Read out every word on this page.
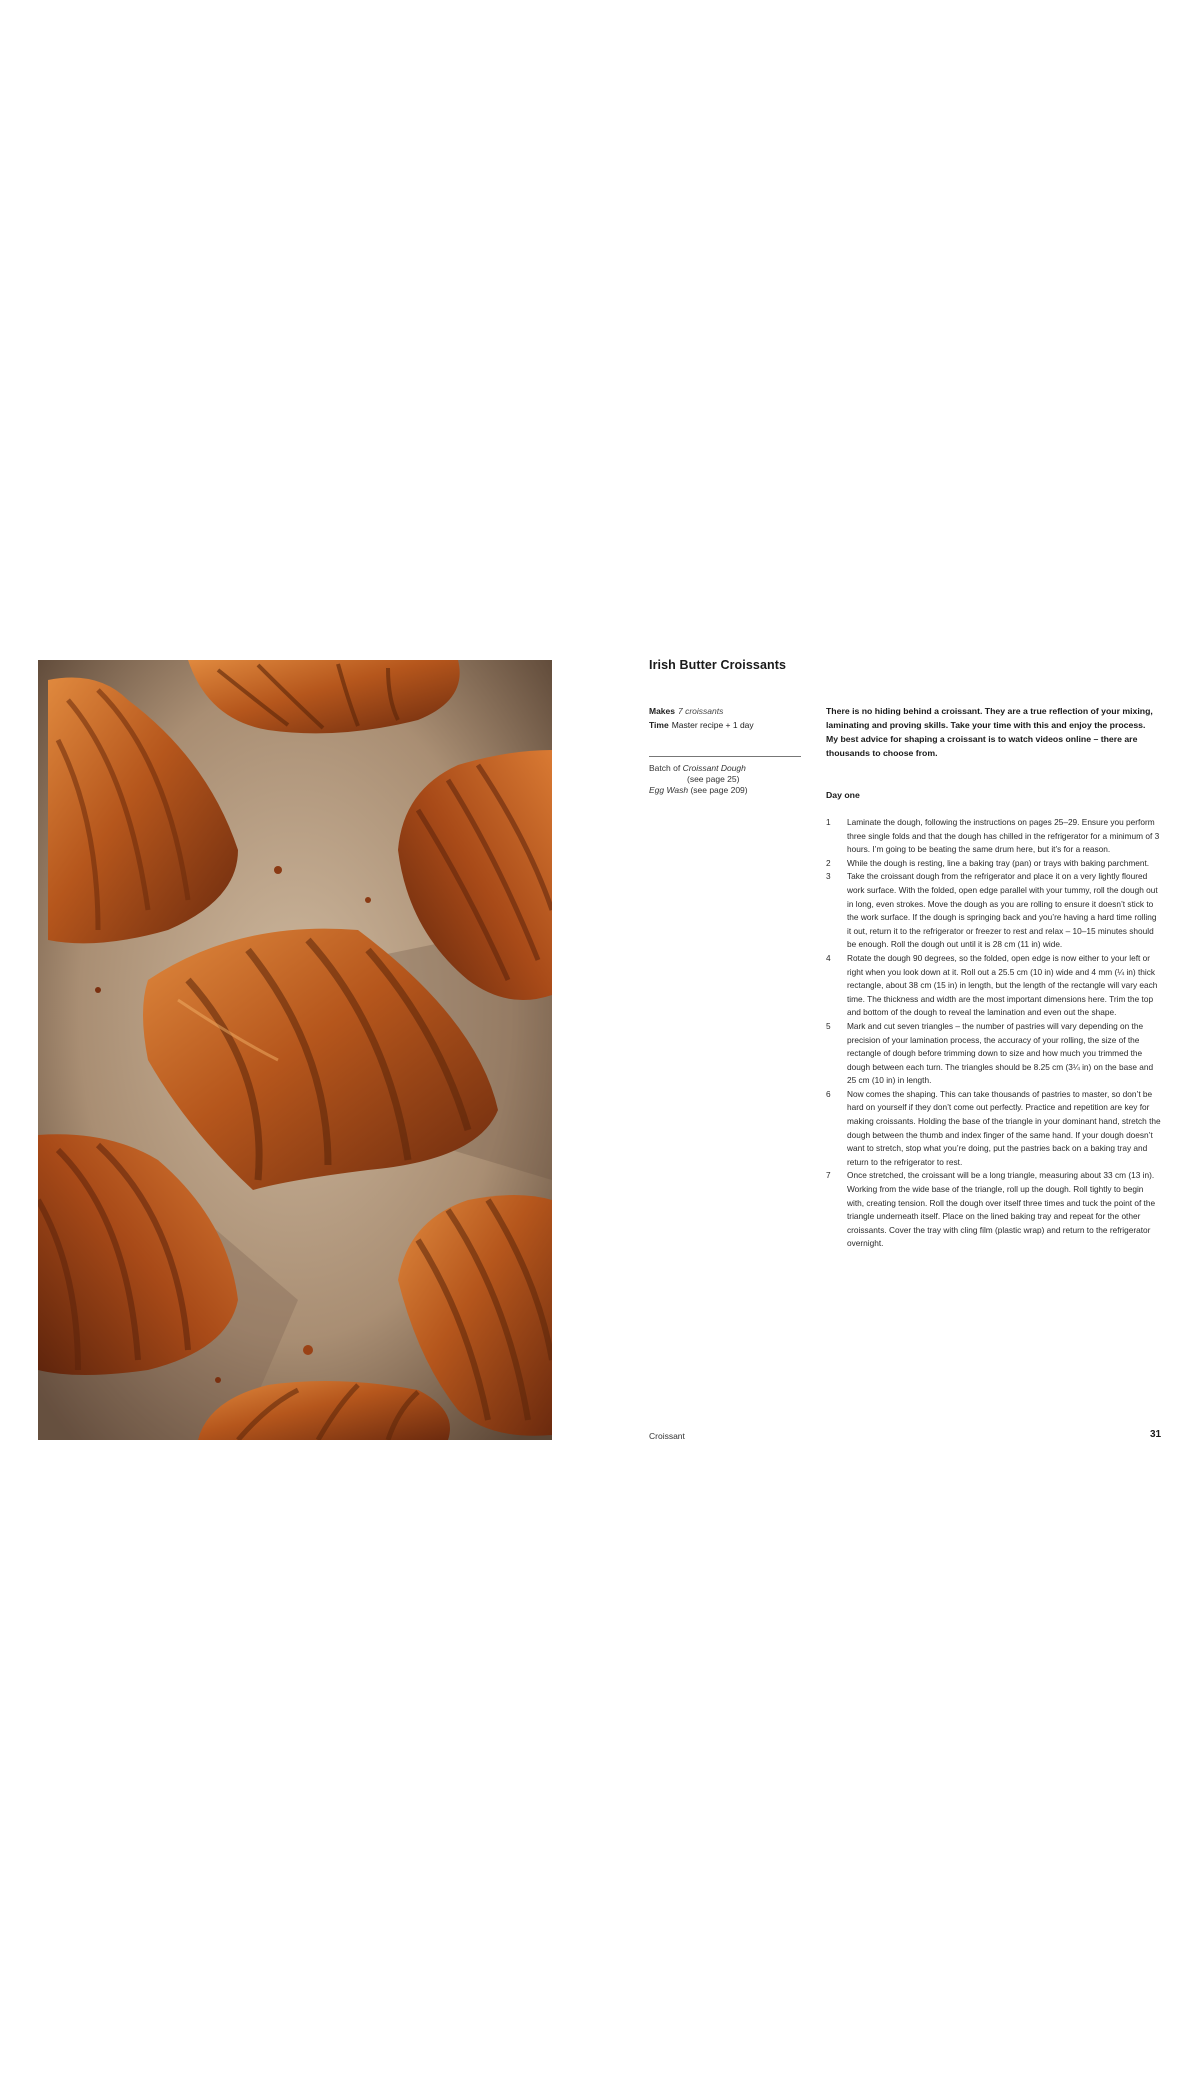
Irish Butter Croissants
Makes 7 croissants
Time Master recipe + 1 day
Batch of Croissant Dough
(see page 25)
Egg Wash (see page 209)
There is no hiding behind a croissant. They are a true reflection of your mixing, laminating and proving skills. Take your time with this and enjoy the process. My best advice for shaping a croissant is to watch videos online – there are thousands to choose from.
Day one
1	Laminate the dough, following the instructions on pages 25–29. Ensure you perform three single folds and that the dough has chilled in the refrigerator for a minimum of 3 hours. I’m going to be beating the same drum here, but it’s for a reason.
2	While the dough is resting, line a baking tray (pan) or trays with baking parchment.
3	Take the croissant dough from the refrigerator and place it on a very lightly floured work surface. With the folded, open edge parallel with your tummy, roll the dough out in long, even strokes. Move the dough as you are rolling to ensure it doesn’t stick to the work surface. If the dough is springing back and you’re having a hard time rolling it out, return it to the refrigerator or freezer to rest and relax – 10–15 minutes should be enough. Roll the dough out until it is 28 cm (11 in) wide.
4	Rotate the dough 90 degrees, so the folded, open edge is now either to your left or right when you look down at it. Roll out a 25.5 cm (10 in) wide and 4 mm (¼ in) thick rectangle, about 38 cm (15 in) in length, but the length of the rectangle will vary each time. The thickness and width are the most important dimensions here. Trim the top and bottom of the dough to reveal the lamination and even out the shape.
5	Mark and cut seven triangles – the number of pastries will vary depending on the precision of your lamination process, the accuracy of your rolling, the size of the rectangle of dough before trimming down to size and how much you trimmed the dough between each turn. The triangles should be 8.25 cm (3¼ in) on the base and 25 cm (10 in) in length.
6	Now comes the shaping. This can take thousands of pastries to master, so don’t be hard on yourself if they don’t come out perfectly. Practice and repetition are key for making croissants. Holding the base of the triangle in your dominant hand, stretch the dough between the thumb and index finger of the same hand. If your dough doesn’t want to stretch, stop what you’re doing, put the pastries back on a baking tray and return to the refrigerator to rest.
7	Once stretched, the croissant will be a long triangle, measuring about 33 cm (13 in). Working from the wide base of the triangle, roll up the dough. Roll tightly to begin with, creating tension. Roll the dough over itself three times and tuck the point of the triangle underneath itself. Place on the lined baking tray and repeat for the other croissants. Cover the tray with cling film (plastic wrap) and return to the refrigerator overnight.
Croissant	31
